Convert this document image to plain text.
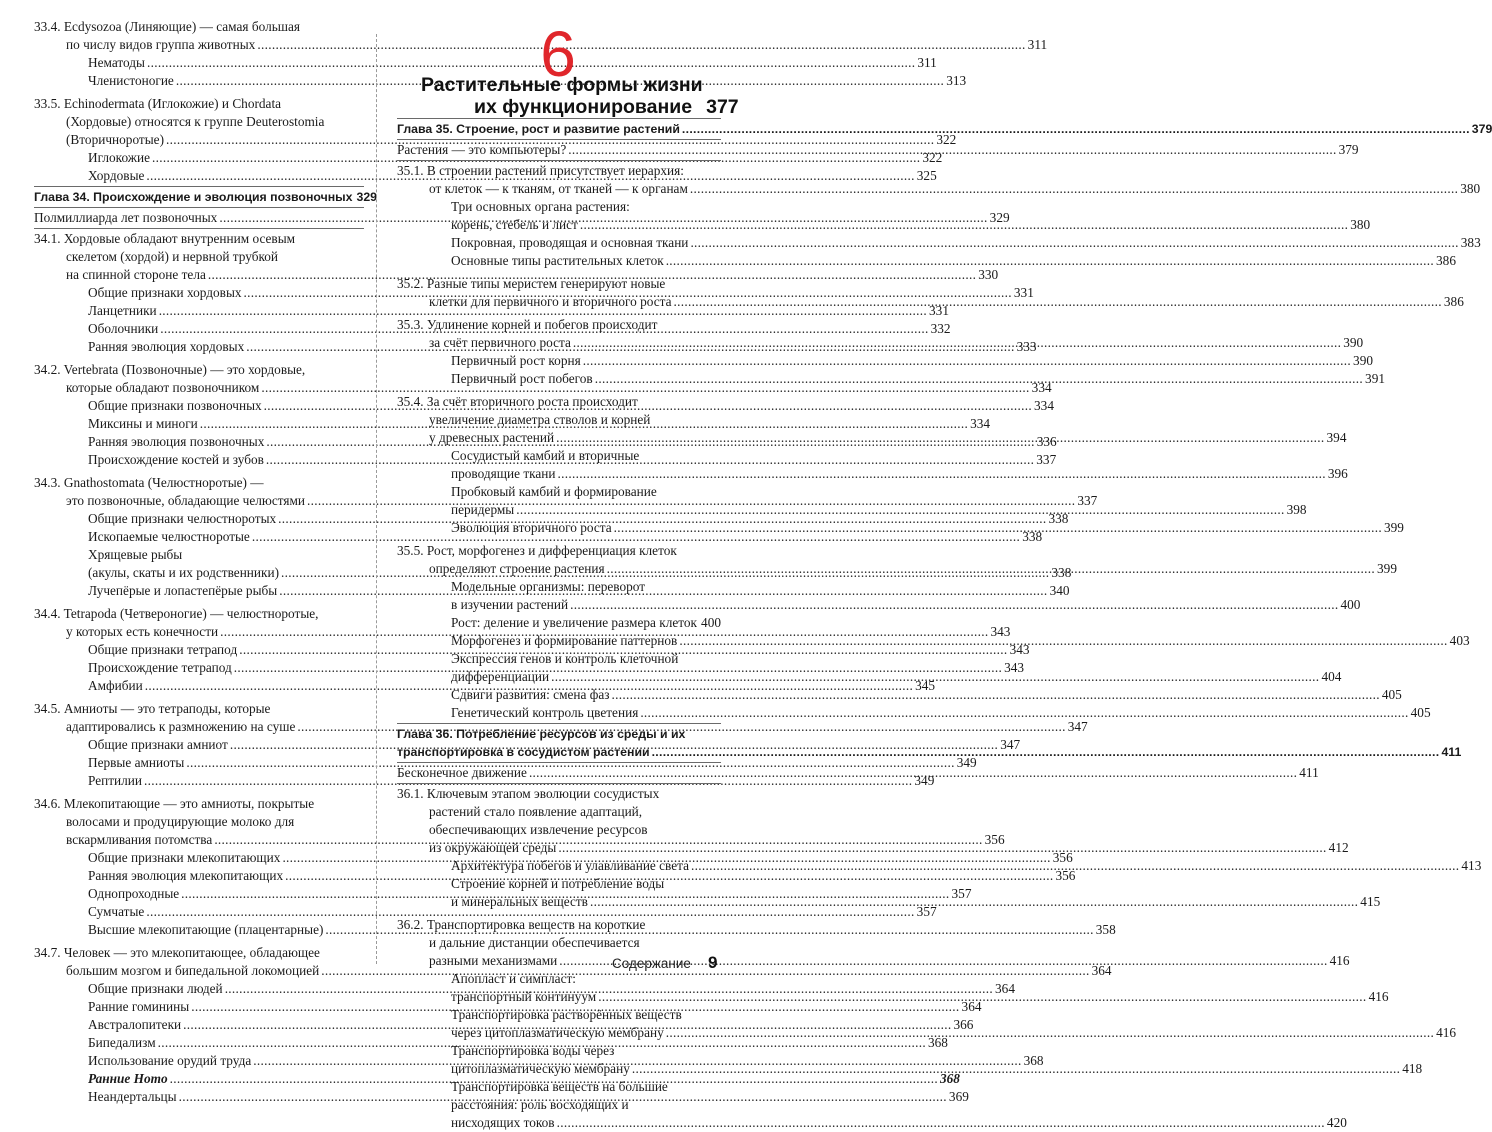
33.4. Ecdysozoa (Линяющие) — самая большая
по числу видов группа животных .....	311
Нематоды .....	311
Членистоногие .....	313
33.5. Echinodermata (Иглокожие) и Chordata
(Хордовые) относятся к группе Deuterostomia
(Вторичноротые) .....	322
Иглокожие .....	322
Хордовые .....	325
Глава 34. Происхождение и эволюция позвоночных 329
Полмиллиарда лет позвоночных .....	329
34.1. Хордовые обладают внутренним осевым
скелетом (хордой) и нервной трубкой
на спинной стороне тела .....	330
Общие признаки хордовых .....	331
Ланцетники .....	331
Оболочники .....	332
Ранняя эволюция хордовых .....	333
34.2. Vertebrata (Позвоночные) — это хордовые,
которые обладают позвоночником .....	334
Общие признаки позвоночных .....	334
Миксины и миноги .....	334
Ранняя эволюция позвоночных .....	336
Происхождение костей и зубов .....	337
34.3. Gnathostomata (Челюстноротые) —
это позвоночные, обладающие челюстями .....	337
Общие признаки челюстноротых .....	338
Ископаемые челюстноротые .....	338
Хрящевые рыбы
(акулы, скаты и их родственники) .....	338
Лучепёрые и лопастепёрые рыбы .....	340
34.4. Tetrapoda (Четвероногие) — челюстноротые,
у которых есть конечности .....	343
Общие признаки тетрапод .....	343
Происхождение тетрапод .....	343
Амфибии .....	345
34.5. Амниоты — это тетраподы, которые
адаптировались к размножению на суше .....	347
Общие признаки амниот .....	347
Первые амниоты .....	349
Рептилии .....	349
34.6. Млекопитающие — это амниоты, покрытые
волосами и продуцирующие молоко для
вскармливания потомства .....	356
Общие признаки млекопитающих .....	356
Ранняя эволюция млекопитающих .....	356
Однопроходные .....	357
Сумчатые .....	357
Высшие млекопитающие (плацентарные) .....	358
34.7. Человек — это млекопитающее, обладающее
большим мозгом и бипедальной локомоцией .....	364
Общие признаки людей .....	364
Ранние гоминины .....	364
Австралопитеки .....	366
Бипедализм .....	368
Использование орудий труда .....	368
Ранние Homo .....	368
Неандертальцы .....	369
6
Растительные формы жизни
их функционирование 377
Глава 35. Строение, рост и развитие растений .....	379
Растения — это компьютеры? .....	379
35.1. В строении растений присутствует иерархия:
от клеток — к тканям, от тканей — к органам .....	380
Три основных органа растения:
корень, стебель и лист .....	380
Покровная, проводящая и основная ткани .....	383
Основные типы растительных клеток .....	386
35.2. Разные типы меристем генерируют новые
клетки для первичного и вторичного роста .....	386
35.3. Удлинение корней и побегов происходит
за счёт первичного роста .....	390
Первичный рост корня .....	390
Первичный рост побегов .....	391
35.4. За счёт вторичного роста происходит
увеличение диаметра стволов и корней
у древесных растений .....	394
Сосудистый камбий и вторичные
проводящие ткани .....	396
Пробковый камбий и формирование
перидермы .....	398
Эволюция вторичного роста .....	399
35.5. Рост, морфогенез и дифференциация клеток
определяют строение растения .....	399
Модельные организмы: переворот
в изучении растений .....	400
Рост: деление и увеличение размера клеток ..... 400
Морфогенез и формирование паттернов .....	403
Экспрессия генов и контроль клеточной
дифференциации .....	404
Сдвиги развития: смена фаз .....	405
Генетический контроль цветения .....	405
Глава 36. Потребление ресурсов из среды и их
транспортировка в сосудистом растении .....	411
Бесконечное движение .....	411
36.1. Ключевым этапом эволюции сосудистых
растений стало появление адаптаций,
обеспечивающих извлечение ресурсов
из окружающей среды .....	412
Архитектура побегов и улавливание света .....	413
Строение корней и потребление воды
и минеральных веществ .....	415
36.2. Транспортировка веществ на короткие
и дальние дистанции обеспечивается
разными механизмами .....	416
Апопласт и симпласт:
транспортный континуум .....	416
Транспортировка растворённых веществ
через цитоплазматическую мембрану .....	416
Транспортировка воды через
цитоплазматическую мембрану .....	418
Транспортировка веществ на большие
расстояния: роль восходящих и
нисходящих токов .....	420
Содержание 9
